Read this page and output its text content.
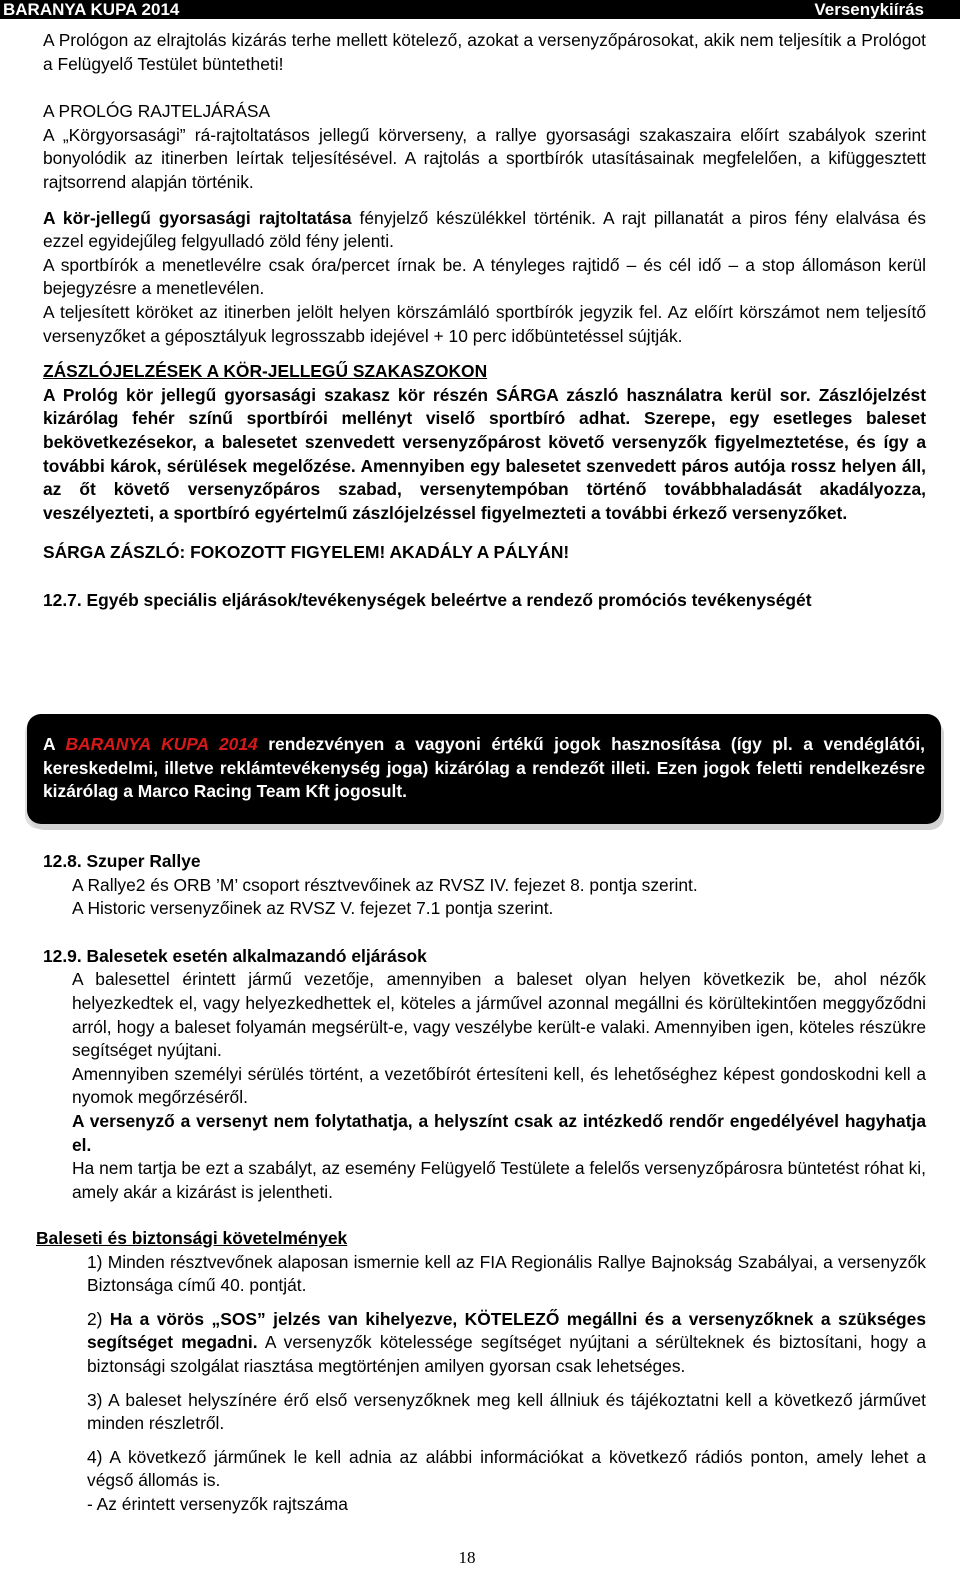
BARANYA KUPA 2014	Versenykiírás

A Prológon az elrajtolás kizárás terhe mellett kötelező, azokat a versenyzőpárosokat, akik nem teljesítik a Prológot a Felügyelő Testület büntetheti!

A PROLÓG RAJTELJÁRÁSA

A „Körgyorsasági” rá-rajtoltatásos jellegű körverseny, a rallye gyorsasági szakaszaira előírt szabályok szerint bonyolódik az itinerben leírtak teljesítésével. A rajtolás a sportbírók utasításainak megfelelően, a kifüggesztett rajtsorrend alapján történik.

A kör-jellegű gyorsasági rajtoltatása fényjelző készülékkel történik. A rajt pillanatát a piros fény elalvása és ezzel egyidejűleg felgyulladó zöld fény jelenti.

A sportbírók a menetlevélre csak óra/percet írnak be. A tényleges rajtidő – és cél idő – a stop állomáson kerül bejegyzésre a menetlevélen.

A teljesített köröket az itinerben jelölt helyen körszámláló sportbírók jegyzik fel. Az előírt körszámot nem teljesítő versenyzőket a géposztályuk legrosszabb idejével + 10 perc időbüntetéssel sújtják.

ZÁSZLÓJELZÉSEK A KÖR-JELLEGŰ SZAKASZOKON

A Prológ kör jellegű gyorsasági szakasz kör részén SÁRGA zászló használatra kerül sor. Zászlójelzést kizárólag fehér színű sportbírói mellényt viselő sportbíró adhat. Szerepe, egy esetleges baleset bekövetkezésekor, a balesetet szenvedett versenyzőpárost követő versenyzők figyelmeztetése, és így a további károk, sérülések megelőzése. Amennyiben egy balesetet szenvedett páros autója rossz helyen áll, az őt követő versenyzőpáros szabad, versenytempóban történő továbbhaladását akadályozza, veszélyezteti, a sportbíró egyértelmű zászlójelzéssel figyelmezteti a további érkező versenyzőket.

SÁRGA ZÁSZLÓ: FOKOZOTT FIGYELEM! AKADÁLY A PÁLYÁN!

12.7. Egyéb speciális eljárások/tevékenységek beleértve a rendező promóciós tevékenységét

A BARANYA KUPA 2014 rendezvényen a vagyoni értékű jogok hasznosítása (így pl. a vendéglátói, kereskedelmi, illetve reklámtevékenység joga) kizárólag a rendezőt illeti. Ezen jogok feletti rendelkezésre kizárólag a Marco Racing Team Kft jogosult.

12.8. Szuper Rallye

A Rallye2 és ORB ’M’ csoport résztvevőinek az RVSZ IV. fejezet 8. pontja szerint.

A Historic versenyzőinek az RVSZ V. fejezet 7.1 pontja szerint.

12.9. Balesetek esetén alkalmazandó eljárások

A balesettel érintett jármű vezetője, amennyiben a baleset olyan helyen következik be, ahol nézők helyezkedtek el, vagy helyezkedhettek el, köteles a járművel azonnal megállni és körültekintően meggyőződni arról, hogy a baleset folyamán megsérült-e, vagy veszélybe került-e valaki. Amennyiben igen, köteles részükre segítséget nyújtani.

Amennyiben személyi sérülés történt, a vezetőbírót értesíteni kell, és lehetőséghez képest gondoskodni kell a nyomok megőrzéséről.

A versenyző a versenyt nem folytathatja, a helyszínt csak az intézkedő rendőr engedélyével hagyhatja el.

Ha nem tartja be ezt a szabályt, az esemény Felügyelő Testülete a felelős versenyzőpárosra büntetést róhat ki, amely akár a kizárást is jelentheti.

Baleseti és biztonsági követelmények

1) Minden résztvevőnek alaposan ismernie kell az FIA Regionális Rallye Bajnokság Szabályai, a versenyzők Biztonsága című 40. pontját.

2) Ha a vörös „SOS” jelzés van kihelyezve, KÖTELEZŐ megállni és a versenyzőknek a szükséges segítséget megadni. A versenyzők kötelessége segítséget nyújtani a sérülteknek és biztosítani, hogy a biztonsági szolgálat riasztása megtörténjen amilyen gyorsan csak lehetséges.

3) A baleset helyszínére érő első versenyzőknek meg kell állniuk és tájékoztatni kell a következő járművet minden részletről.

4) A következő járműnek le kell adnia az alábbi információkat a következő rádiós ponton, amely lehet a végső állomás is.

- Az érintett versenyzők rajtszáma

18
